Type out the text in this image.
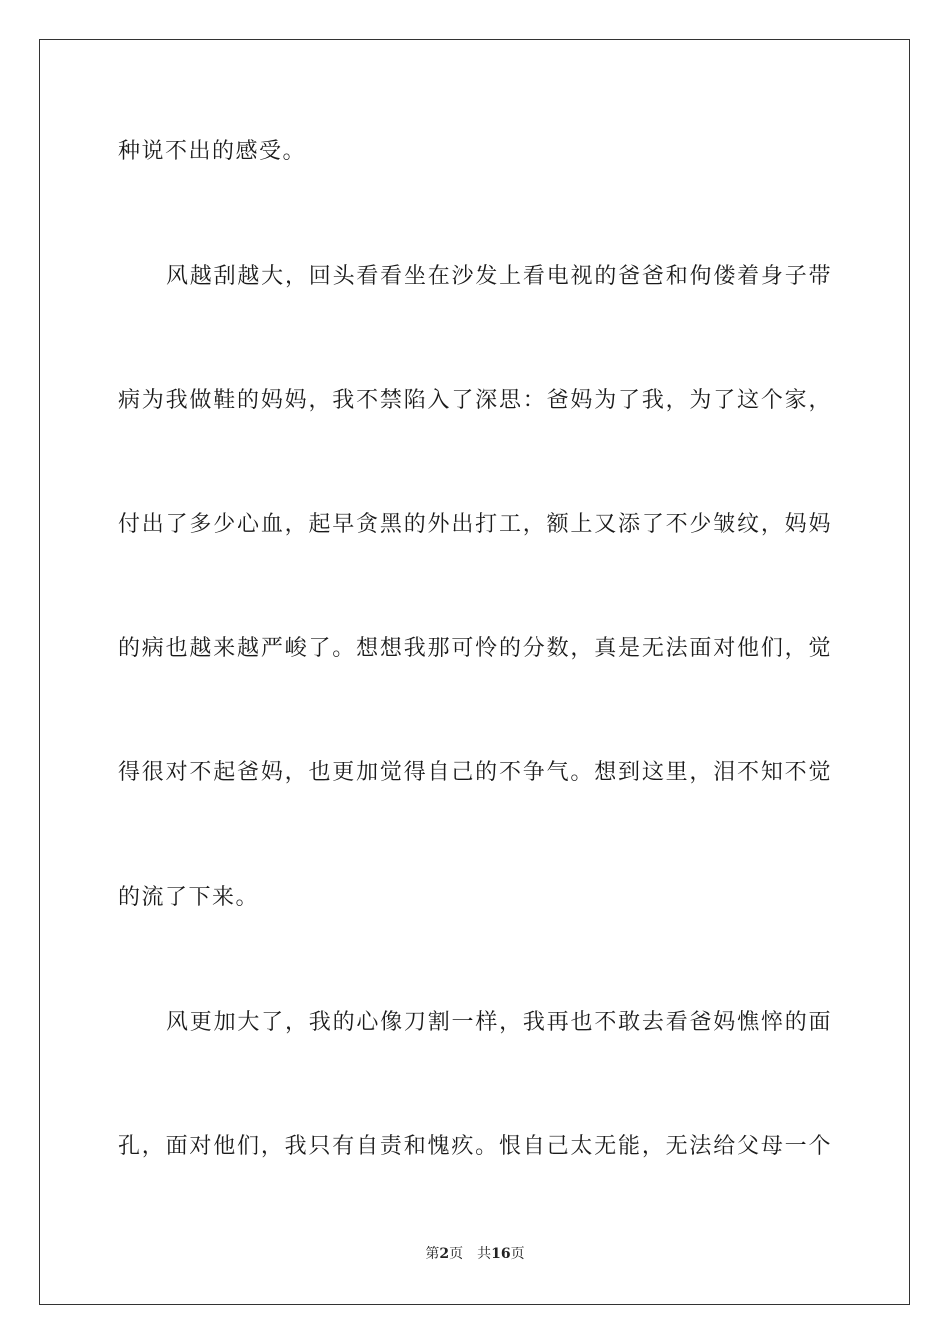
种说不出的感受。
风越刮越大，回头看看坐在沙发上看电视的爸爸和佝偻着身子带
病为我做鞋的妈妈，我不禁陷入了深思：爸妈为了我，为了这个家，
付出了多少心血，起早贪黑的外出打工，额上又添了不少皱纹，妈妈
的病也越来越严峻了。想想我那可怜的分数，真是无法面对他们，觉
得很对不起爸妈，也更加觉得自己的不争气。想到这里，泪不知不觉
的流了下来。
风更加大了，我的心像刀割一样，我再也不敢去看爸妈憔悴的面
孔，面对他们，我只有自责和愧疚。恨自己太无能，无法给父母一个
第2页 共16页
